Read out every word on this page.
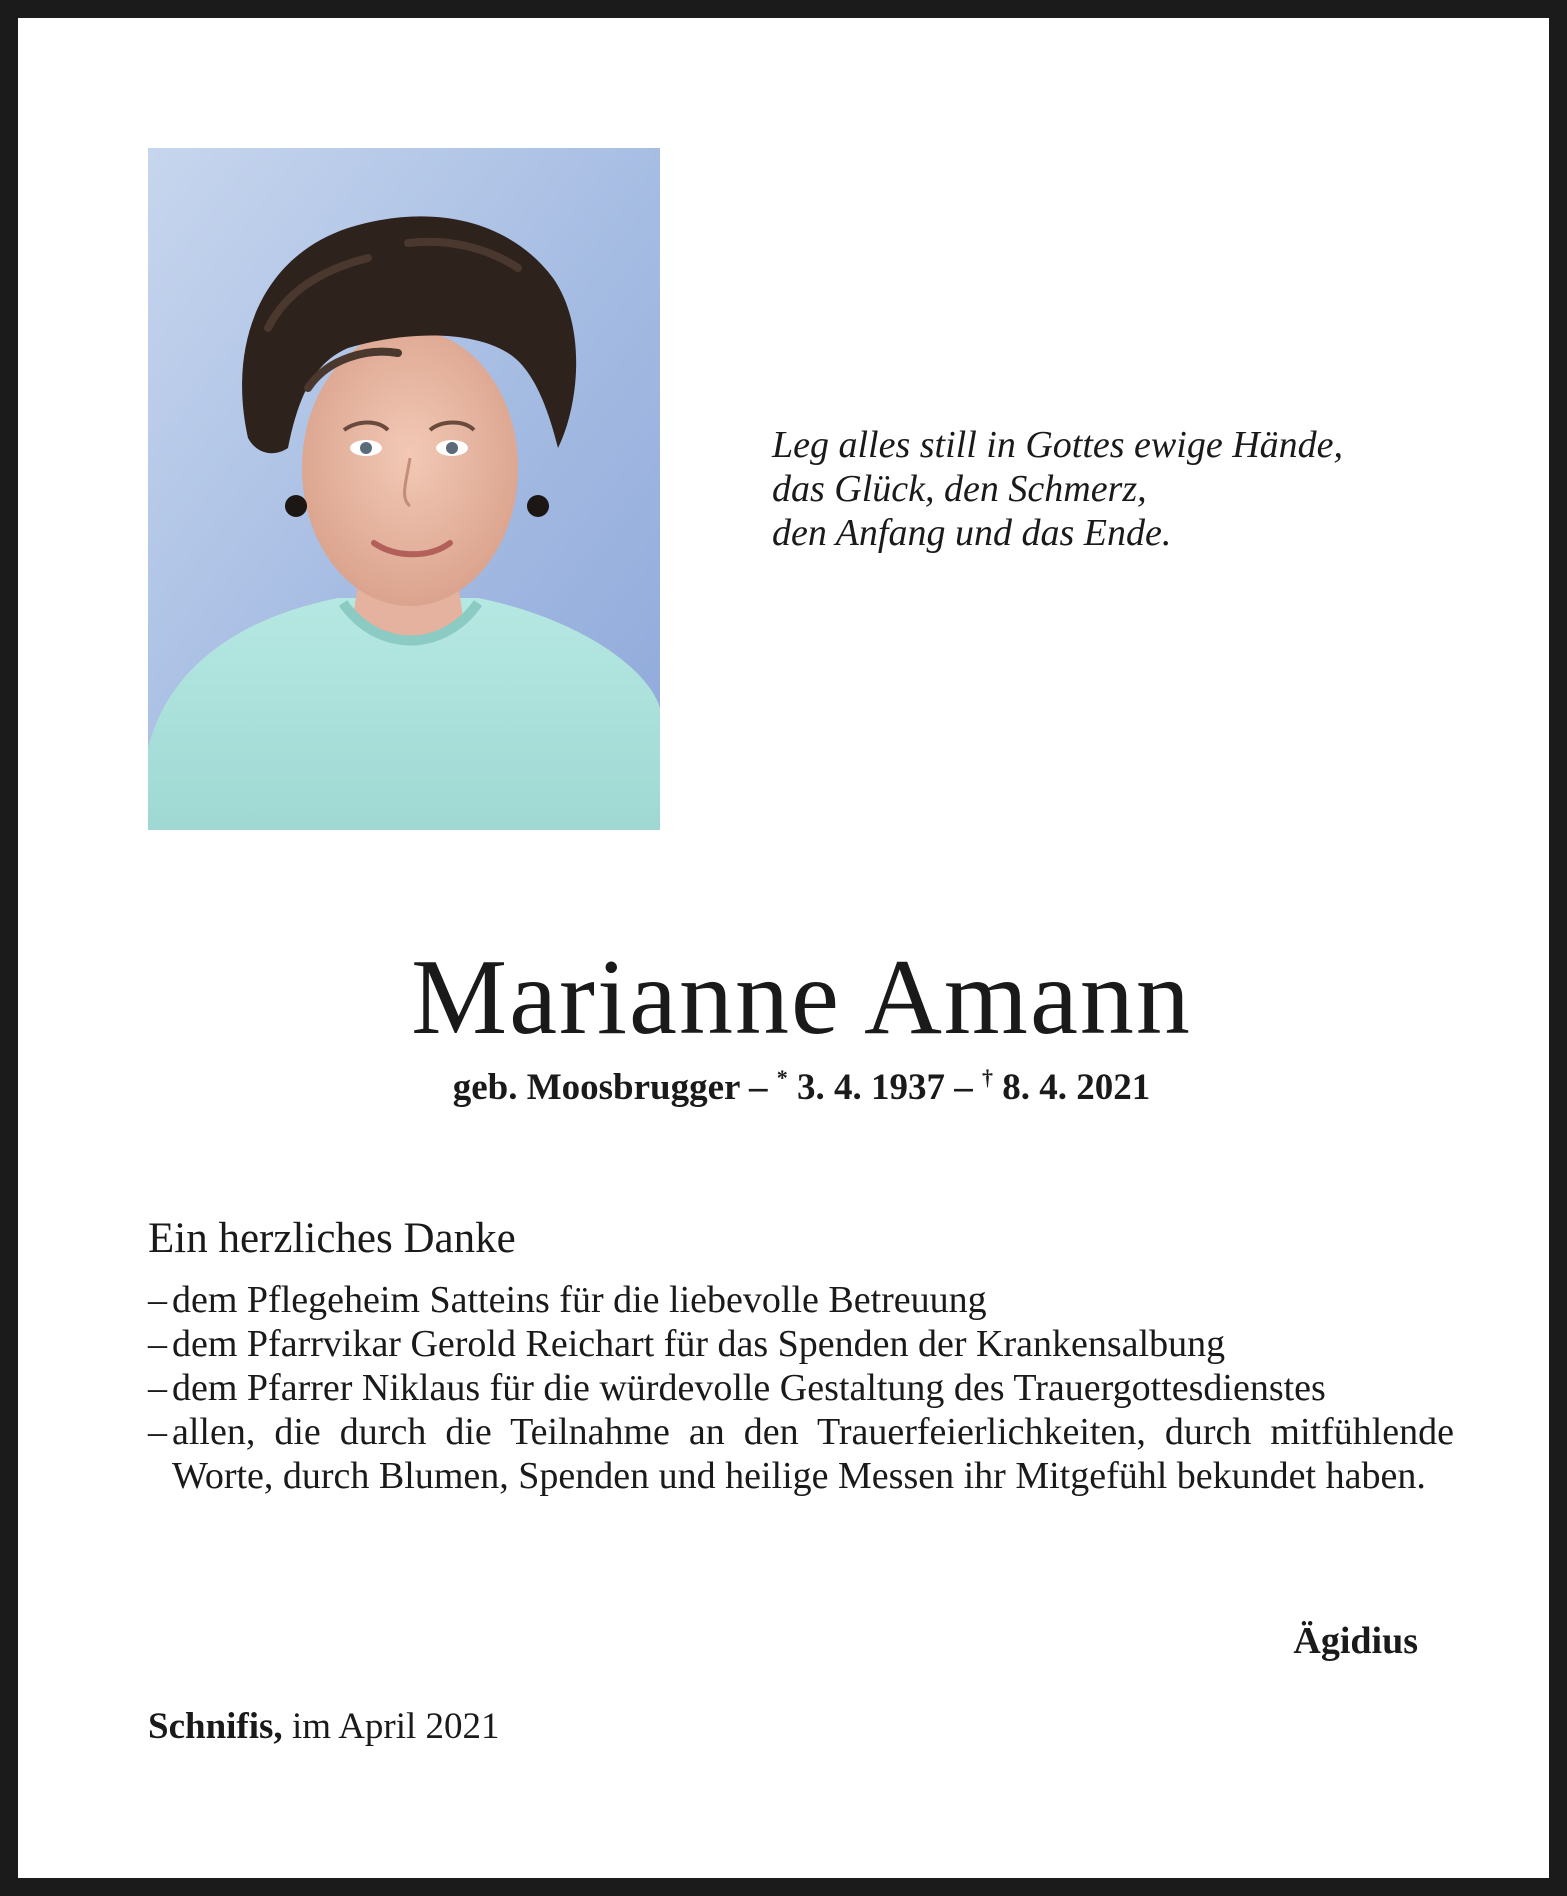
Leg alles still in Gottes ewige Hände,
das Glück, den Schmerz,
den Anfang und das Ende.
Marianne Amann
geb. Moosbrugger – * 3. 4. 1937 – † 8. 4. 2021
Ein herzliches Danke
– dem Pflegeheim Satteins für die liebevolle Betreuung
– dem Pfarrvikar Gerold Reichart für das Spenden der Krankensalbung
– dem Pfarrer Niklaus für die würdevolle Gestaltung des Trauergottesdienstes
– allen, die durch die Teilnahme an den Trauerfeierlichkeiten, durch mitfühlende Worte, durch Blumen, Spenden und heilige Messen ihr Mitgefühl bekundet haben.
Ägidius
Schnifis, im April 2021
